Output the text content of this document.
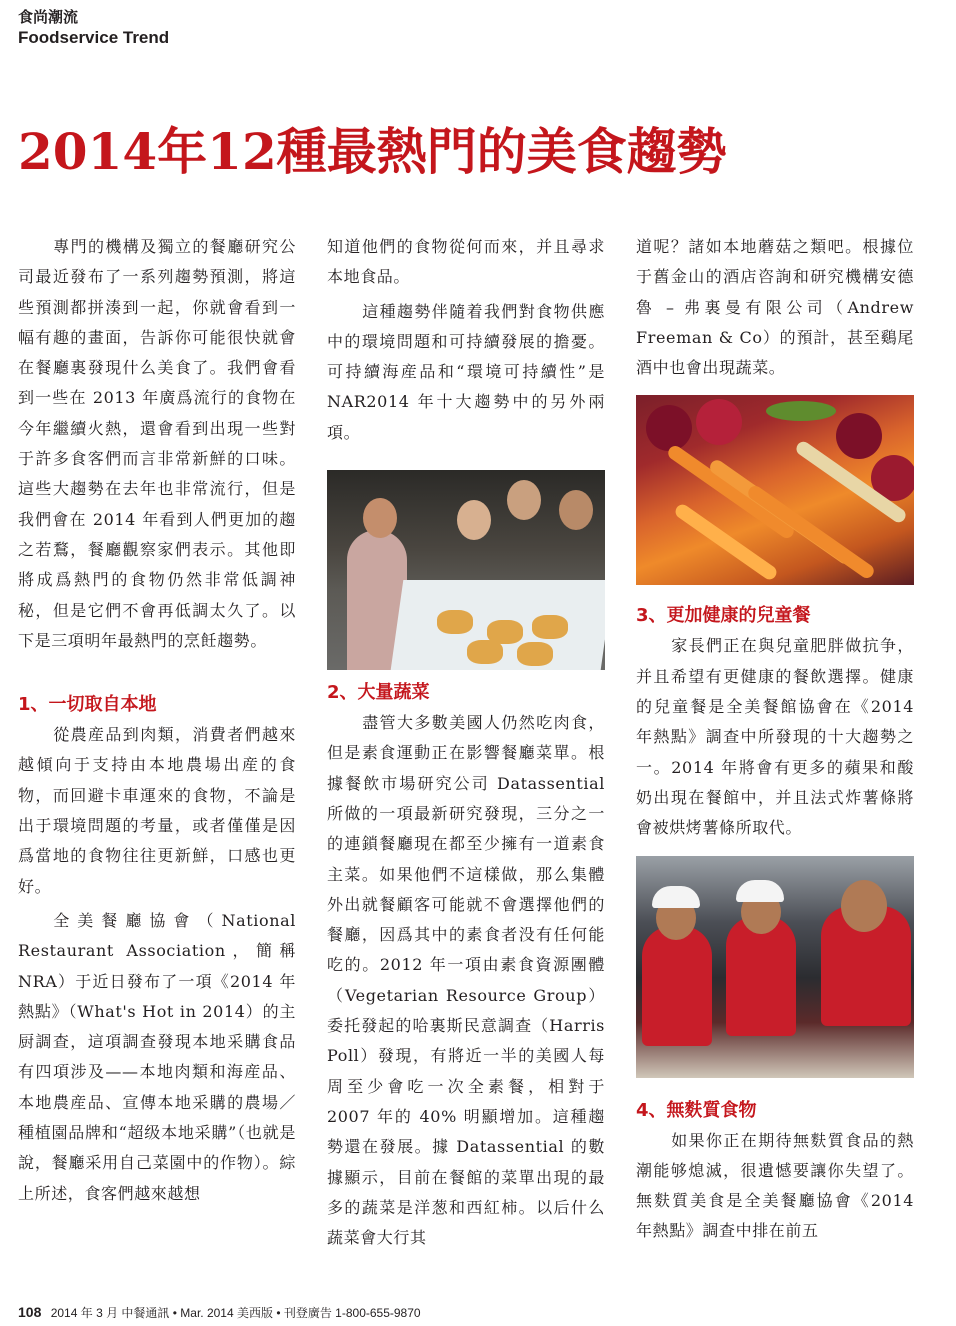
食尚潮流
Foodservice Trend
2014年12種最熱門的美食趨勢

專門的機構及獨立的餐廳研究公司最近發布了一系列趨勢預測，將這些預測都拼湊到一起，你就會看到一幅有趣的畫面，告訴你可能很快就會在餐廳裏發現什么美食了。我們會看到一些在 2013 年廣爲流行的食物在今年繼續火熱，還會看到出現一些對于許多食客們而言非常新鮮的口味。這些大趨勢在去年也非常流行，但是我們會在 2014 年看到人們更加的趨之若鶩，餐廳觀察家們表示。其他即將成爲熱門的食物仍然非常低調神秘，但是它們不會再低調太久了。以下是三項明年最熱門的烹飪趨勢。

1、一切取自本地

從農産品到肉類，消費者們越來越傾向于支持由本地農場出産的食物，而回避卡車運來的食物，不論是出于環境問題的考量，或者僅僅是因爲當地的食物往往更新鮮，口感也更好。

全美餐廳協會（National Restaurant Association，簡稱 NRA）于近日發布了一項《2014 年熱點》（What's Hot in 2014）的主厨調查，這項調查發現本地采購食品有四項涉及——本地肉類和海産品、本地農産品、宣傳本地采購的農場／種植園品牌和“超级本地采購”（也就是說，餐廳采用自己菜園中的作物）。綜上所述，食客們越來越想

知道他們的食物從何而來，并且尋求本地食品。

這種趨勢伴隨着我們對食物供應中的環境問題和可持續發展的擔憂。可持續海産品和“環境可持續性”是 NAR2014 年十大趨勢中的另外兩項。

2、大量蔬菜

盡管大多數美國人仍然吃肉食，但是素食運動正在影響餐廳菜單。根據餐飲市場研究公司 Datassential 所做的一項最新研究發現，三分之一的連鎖餐廳現在都至少擁有一道素食主菜。如果他們不這樣做，那么集體外出就餐顧客可能就不會選擇他們的餐廳，因爲其中的素食者没有任何能吃的。2012 年一項由素食資源團體（Vegetarian Resource Group）委托發起的哈裏斯民意調查（Harris Poll）發現，有將近一半的美國人每周至少會吃一次全素餐，相對于 2007 年的 40% 明顯增加。這種趨勢還在發展。據 Datassential 的數據顯示，目前在餐館的菜單出現的最多的蔬菜是洋葱和西紅柿。以后什么蔬菜會大行其

道呢？諸如本地蘑菇之類吧。根據位于舊金山的酒店咨詢和研究機構安德魯 – 弗裏曼有限公司（Andrew Freeman & Co）的預計，甚至鷄尾酒中也會出現蔬菜。

3、更加健康的兒童餐

家長們正在與兒童肥胖做抗争，并且希望有更健康的餐飲選擇。健康的兒童餐是全美餐館協會在《2014 年熱點》調查中所發現的十大趨勢之一。2014 年將會有更多的蘋果和酸奶出現在餐館中，并且法式炸薯條將會被烘烤薯條所取代。

4、無麩質食物

如果你正在期待無麩質食品的熱潮能够熄滅，很遺憾要讓你失望了。無麩質美食是全美餐廳協會《2014 年熱點》調查中排在前五

108 2014 年 3 月 中餐通訊 • Mar. 2014 美西版 • 刊登廣告 1-800-655-9870
